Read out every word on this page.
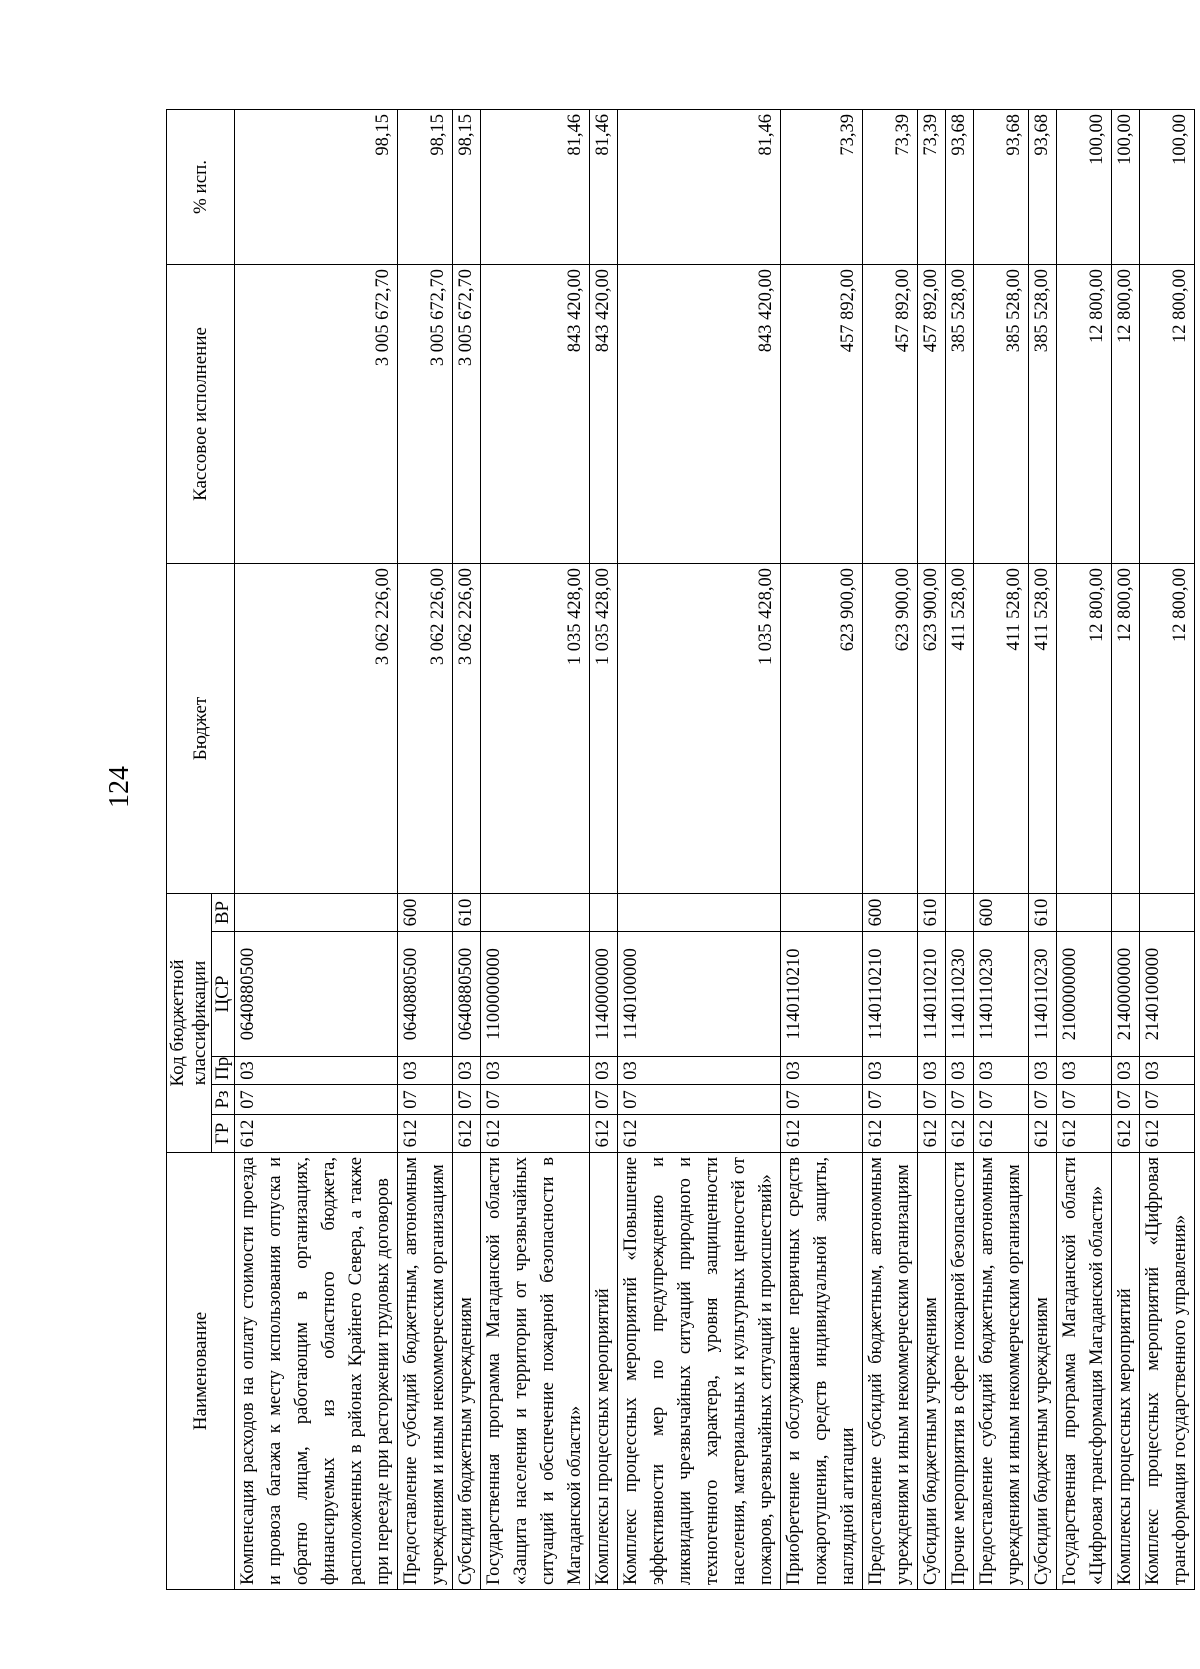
124
Наименование	Код бюджетной классификации					Бюджет	Кассовое исполнение	% исп.
	ГР	Рз	Пр	ЦСР	ВР			
Компенсация расходов на оплату стоимости проезда и провоза багажа к месту использования отпуска и обратно лицам, работающим в организациях, финансируемых из областного бюджета, расположенных в районах Крайнего Севера, а также при переезде при расторжении трудовых договоров	612	07	03	0640880500		3 062 226,00	3 005 672,70	98,15
Предоставление субсидий бюджетным, автономным учреждениям и иным некоммерческим организациям	612	07	03	0640880500	600	3 062 226,00	3 005 672,70	98,15
Субсидии бюджетным учреждениям	612	07	03	0640880500	610	3 062 226,00	3 005 672,70	98,15
Государственная программа Магаданской области «Защита населения и территории от чрезвычайных ситуаций и обеспечение пожарной безопасности в Магаданской области»	612	07	03	1100000000		1 035 428,00	843 420,00	81,46
Комплексы процессных мероприятий	612	07	03	1140000000		1 035 428,00	843 420,00	81,46
Комплекс процессных мероприятий «Повышение эффективности мер по предупреждению и ликвидации чрезвычайных ситуаций природного и техногенного характера, уровня защищенности населения, материальных и культурных ценностей от пожаров, чрезвычайных ситуаций и происшествий»	612	07	03	1140100000		1 035 428,00	843 420,00	81,46
Приобретение и обслуживание первичных средств пожаротушения, средств индивидуальной защиты, наглядной агитации	612	07	03	1140110210		623 900,00	457 892,00	73,39
Предоставление субсидий бюджетным, автономным учреждениям и иным некоммерческим организациям	612	07	03	1140110210	600	623 900,00	457 892,00	73,39
Субсидии бюджетным учреждениям	612	07	03	1140110210	610	623 900,00	457 892,00	73,39
Прочие мероприятия в сфере пожарной безопасности	612	07	03	1140110230		411 528,00	385 528,00	93,68
Предоставление субсидий бюджетным, автономным учреждениям и иным некоммерческим организациям	612	07	03	1140110230	600	411 528,00	385 528,00	93,68
Субсидии бюджетным учреждениям	612	07	03	1140110230	610	411 528,00	385 528,00	93,68
Государственная программа Магаданской области «Цифровая трансформация Магаданской области»	612	07	03	2100000000		12 800,00	12 800,00	100,00
Комплексы процессных мероприятий	612	07	03	2140000000		12 800,00	12 800,00	100,00
Комплекс процессных мероприятий «Цифровая трансформация государственного управления»	612	07	03	2140100000		12 800,00	12 800,00	100,00
